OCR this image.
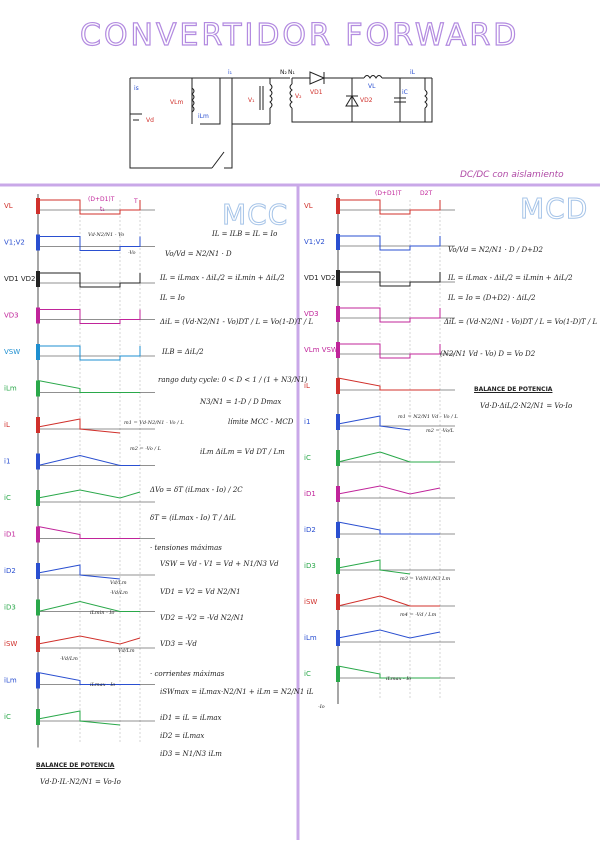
CONVERTIDOR FORWARD
is
i₁	N₁
N₂
VLm	V₁
iLm
V₂
VD1
VD2
VL
iL
iC
Vd
DC/DC con aislamiento
VL
V1;V2
VD1 VD2
VD3
VSW
iLm
iL
i1
iC
iD1
iD2
iD3
iSW
iLm
iC
VL
V1;V2
VD1 VD2
VD3
VLm VSW
iL
i1
iC
iD1
iD2
iD3
iSW
iLm
iC
MCC	MCD
(D+D1)T	T
t₁
(D+D1)T	D2T
IL = ILB = IL = Io
Vo/Vd = N2/N1 · D
IL = iLmax - ΔiL/2 = iLmin + ΔiL/2
IL = Io
ΔiL = (Vd·N2/N1 - Vo)DT / L = Vo(1-D)T / L
ILB = ΔiL/2
rango duty cycle: 0 < D < 1 / (1 + N3/N1)
N3/N1 = 1-D / D Dmax
límite MCC - MCD
iLm ΔiLm = Vd DT / Lm
ΔVo = δT (iLmax - Io) / 2C
δT = (iLmax - Io) T / ΔiL
· tensiones máximas
VSW = Vd - V1 = Vd + N1/N3 Vd
VD1 = V2 = Vd N2/N1
VD2 = -V2 = -Vd N2/N1
VD3 = -Vd
· corrientes máximas
iSWmax = iLmax·N2/N1 + iLm = N2/N1 iL
iD1 = iL = iLmax
iD2 = iLmax
iD3 = N1/N3 iLm
BALANCE DE POTENCIA
Vd·D·IL·N2/N1 = Vo·Io
Vo/Vd = N2/N1 · D / D+D2
IL = iLmax - ΔiL/2 = iLmin + ΔiL/2
IL = Io = (D+D2) · ΔiL/2
ΔiL = (Vd·N2/N1 - Vo)DT / L = Vo(1-D)T / L
(N2/N1 Vd - Vo) D = Vo D2
BALANCE DE POTENCIA
Vd·D·ΔiL/2·N2/N1 = Vo·Io
Vd·N2/N1 - Vo
-Vo
m1 = Vd·N2/N1 - Vo / L
m2 = -Vo / L
Vd/Lm
-Vd/Lm
Vd/Lm
-Vd/Lm
iLmax - Io
iLmin - Io
m1 = N2/N1 Vd - Vo / L
m2 = -Vo/L
m3 = Vd/N1/N3 Lm
m4 = -Vd / Lm
iLmax - Io
-Io
